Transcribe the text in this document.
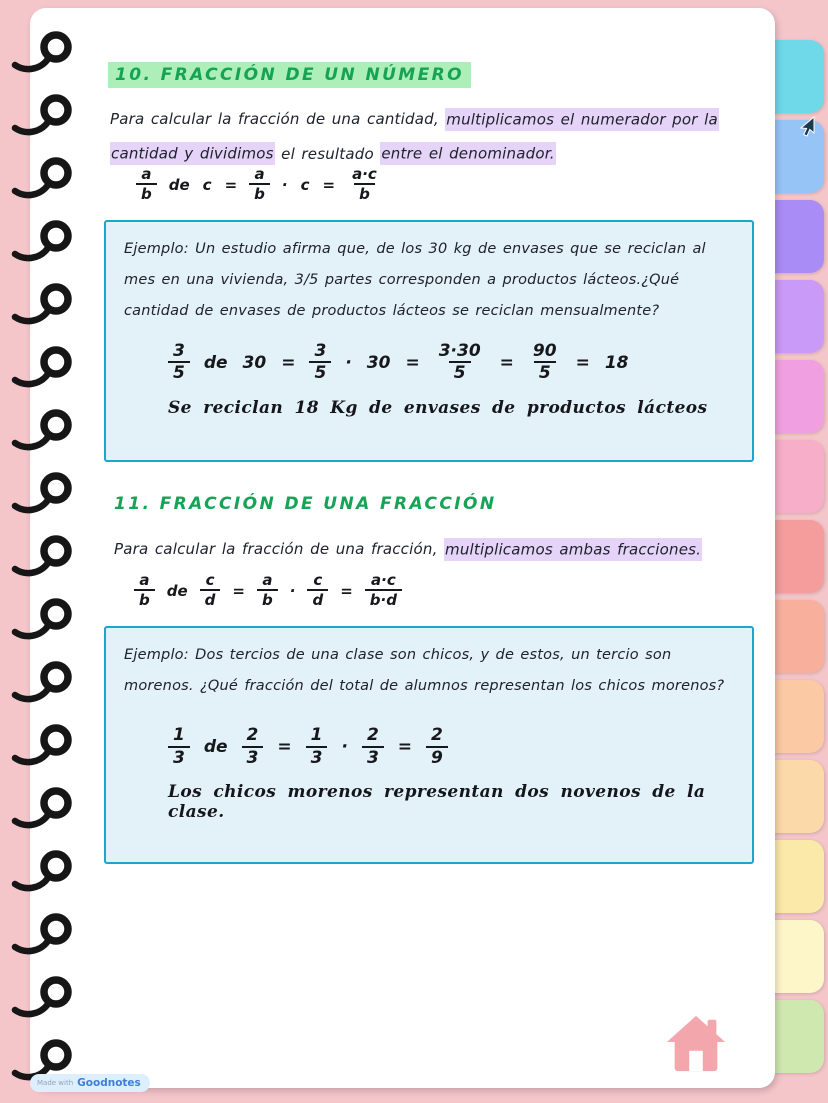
10. FRACCIÓN DE UN NÚMERO

Para calcular la fracción de una cantidad, multiplicamos el numerador por la cantidad y dividimos el resultado entre el denominador.

$\frac{a}{b}$ de $c = \frac{a}{b} \cdot c = \frac{a\cdot c}{b}$

Ejemplo: Un estudio afirma que, de los 30 kg de envases que se reciclan al mes en una vivienda, 3/5 partes corresponden a productos lácteos.¿Qué cantidad de envases de productos lácteos se reciclan mensualmente?

$\frac{3}{5}$ de $30 = \frac{3}{5} \cdot 30 = \frac{3\cdot 30}{5} = \frac{90}{5} = 18$

Se reciclan 18 Kg de envases de productos lácteos

11. FRACCIÓN DE UNA FRACCIÓN

Para calcular la fracción de una fracción, multiplicamos ambas fracciones.

$\frac{a}{b}$ de $\frac{c}{d} = \frac{a}{b} \cdot \frac{c}{d} = \frac{a\cdot c}{b\cdot d}$

Ejemplo: Dos tercios de una clase son chicos, y de estos, un tercio son morenos. ¿Qué fracción del total de alumnos representan los chicos morenos?

$\frac{1}{3}$ de $\frac{2}{3} = \frac{1}{3} \cdot \frac{2}{3} = \frac{2}{9}$

Los chicos morenos representan dos novenos de la clase.

Made with Goodnotes
